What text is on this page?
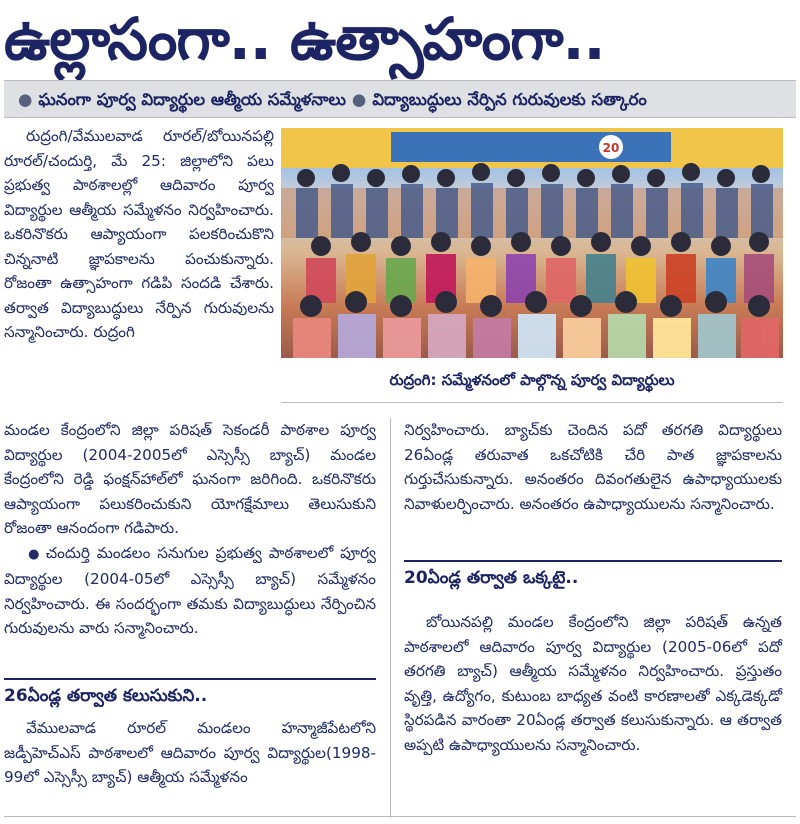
ఉల్లాసంగా.. ఉత్సాహంగా..
● ఘనంగా పూర్వ విద్యార్థుల ఆత్మీయ సమ్మేళనాలు ● విద్యాబుద్ధులు నేర్పిన గురువులకు సత్కారం
20
రుద్రంగి: సమ్మేళనంలో పాల్గొన్న పూర్వ విద్యార్థులు
రుద్రంగి/వేములవాడ రూరల్/బోయినపల్లి రూరల్/చందుర్తి, మే 25: జిల్లాలోని పలు ప్రభుత్వ పాఠశాలల్లో ఆదివారం పూర్వ విద్యార్థుల ఆత్మీయ సమ్మేళనం నిర్వహించారు. ఒకరినొకరు ఆప్యాయంగా పలకరించుకొని చిన్ననాటి జ్ఞాపకాలను పంచుకున్నారు. రోజంతా ఉత్సాహంగా గడిపి సందడి చేశారు. తర్వాత విద్యాబుద్ధులు నేర్పిన గురువులను సన్మానించారు. రుద్రంగి
మండల కేంద్రంలోని జిల్లా పరిషత్ సెకండరీ పాఠశాల పూర్వ విద్యార్థుల (2004-2005లో ఎస్సెస్సీ బ్యాచ్) మండల కేంద్రంలోని రెడ్డి ఫంక్షన్‌హాల్‌లో ఘనంగా జరిగింది. ఒకరినొకరు ఆప్యాయంగా పలుకరించుకుని యోగక్షేమాలు తెలుసుకుని రోజంతా ఆనందంగా గడిపారు.
● చందుర్తి మండలం సనుగుల ప్రభుత్వ పాఠశాలలో పూర్వ విద్యార్థుల (2004-05లో ఎస్సెస్సీ బ్యాచ్) సమ్మేళనం నిర్వహించారు. ఈ సందర్భంగా తమకు విద్యాబుద్ధులు నేర్పించిన గురువులను వారు సన్మానించారు.
26ఏండ్ల తర్వాత కలుసుకుని..
వేములవాడ రూరల్ మండలం హన్మాజీపేటలోని జడ్పీహెచ్‌ఎస్ పాఠశాలలో ఆదివారం పూర్వ విద్యార్థుల(1998-99లో ఎస్సెస్సీ బ్యాచ్) ఆత్మీయ సమ్మేళనం
నిర్వహించారు. బ్యాచ్‌కు చెందిన పదో తరగతి విద్యార్థులు 26ఏండ్ల తరువాత ఒకచోటికి చేరి పాత జ్ఞాపకాలను గుర్తుచేసుకున్నారు. అనంతరం దివంగతులైన ఉపాధ్యాయులకు నివాళులర్పించారు. అనంతరం ఉపాధ్యాయులను సన్మానించారు.
20ఏండ్ల తర్వాత ఒక్కటై..
బోయినపల్లి మండల కేంద్రంలోని జిల్లా పరిషత్ ఉన్నత పాఠశాలలో ఆదివారం పూర్వ విద్యార్థుల (2005-06లో పదో తరగతి బ్యాచ్) ఆత్మీయ సమ్మేళనం నిర్వహించారు. ప్రస్తుతం వృత్తి, ఉద్యోగం, కుటుంబ బాధ్యత వంటి కారణాలతో ఎక్కడెక్కడో స్థిరపడిన వారంతా 20ఏండ్ల తర్వాత కలుసుకున్నారు. ఆ తర్వాత అప్పటి ఉపాధ్యాయులను సన్మానించారు.
